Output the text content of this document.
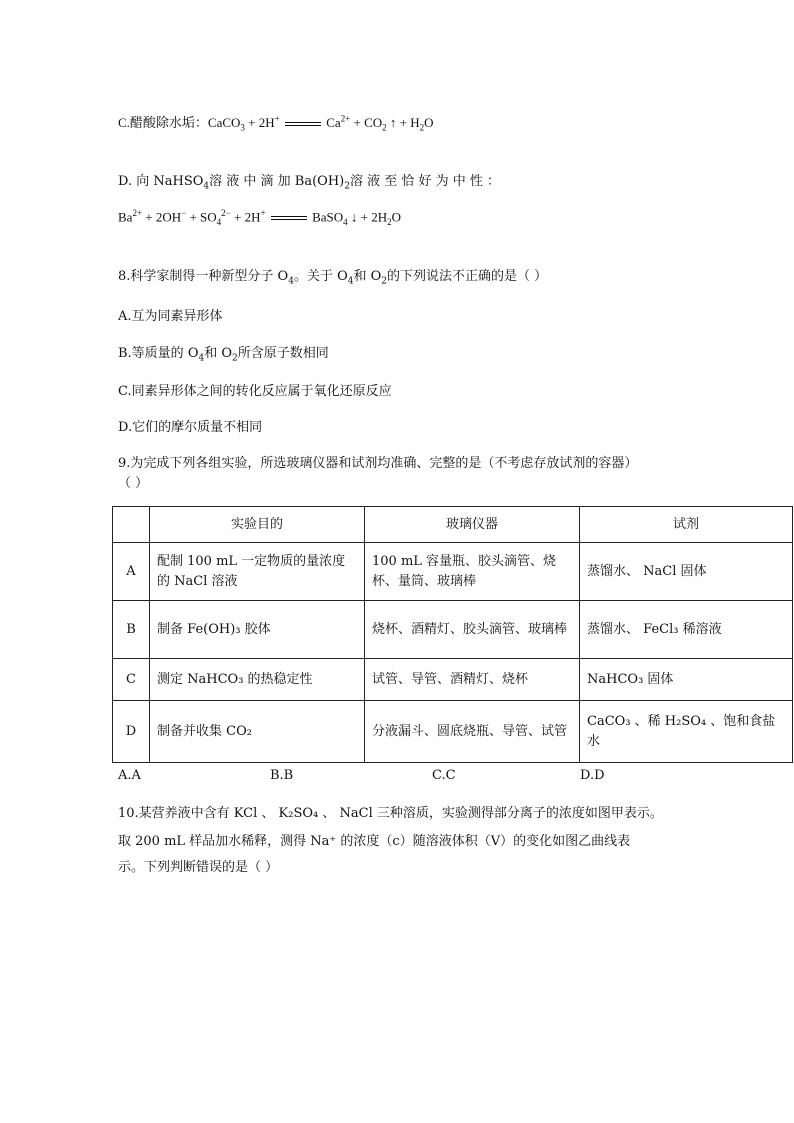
C.醋酸除水垢：CaCO$_3$ + 2H+	$Ca^{2+} + CO_2$ ↑ + $H_2O$
D. 向 NaHSO$_4$溶 液 中 滴 加 $Ba(OH)_2$溶 液 至 恰 好 为 中 性 ：
$Ba^{2+} + 2OH^- + SO_4^{2-} + 2H^+$	BaSO$_4$ ↓ + $2H_2O$
8.科学家制得一种新型分子 $O_4$。关于 $O_4$和 $O_2$的下列说法不正确的是（ ）
A.互为同素异形体
B.等质量的 $O_4$和 $O_2$所含原子数相同
C.同素异形体之间的转化反应属于氧化还原反应
D.它们的摩尔质量不相同
9.为完成下列各组实验，所选玻璃仪器和试剂均准确、完整的是（不考虑存放试剂的容器）
（ ）
	实验目的	玻璃仪器	试剂
A	配制 100 mL 一定物质的量浓度的 NaCl 溶液	100 mL 容量瓶、胶头滴管、烧杯、量筒、玻璃棒	蒸馏水、 NaCl 固体
B	制备 Fe(OH)₃ 胶体	烧杯、酒精灯、胶头滴管、玻璃棒	蒸馏水、 FeCl₃ 稀溶液
C	测定 NaHCO₃ 的热稳定性	试管、导管、酒精灯、烧杯	NaHCO₃ 固体
D	制备并收集 CO₂	分液漏斗、圆底烧瓶、导管、试管	CaCO₃ 、稀 H₂SO₄ 、饱和食盐水
A.A	B.B	C.C	D.D
10.某营养液中含有 KCl 、 K₂SO₄ 、 NaCl 三种溶质，实验测得部分离子的浓度如图甲表示。
取 200 mL 样品加水稀释，测得 Na⁺ 的浓度（c）随溶液体积（V）的变化如图乙曲线表
示。下列判断错误的是（ ）
